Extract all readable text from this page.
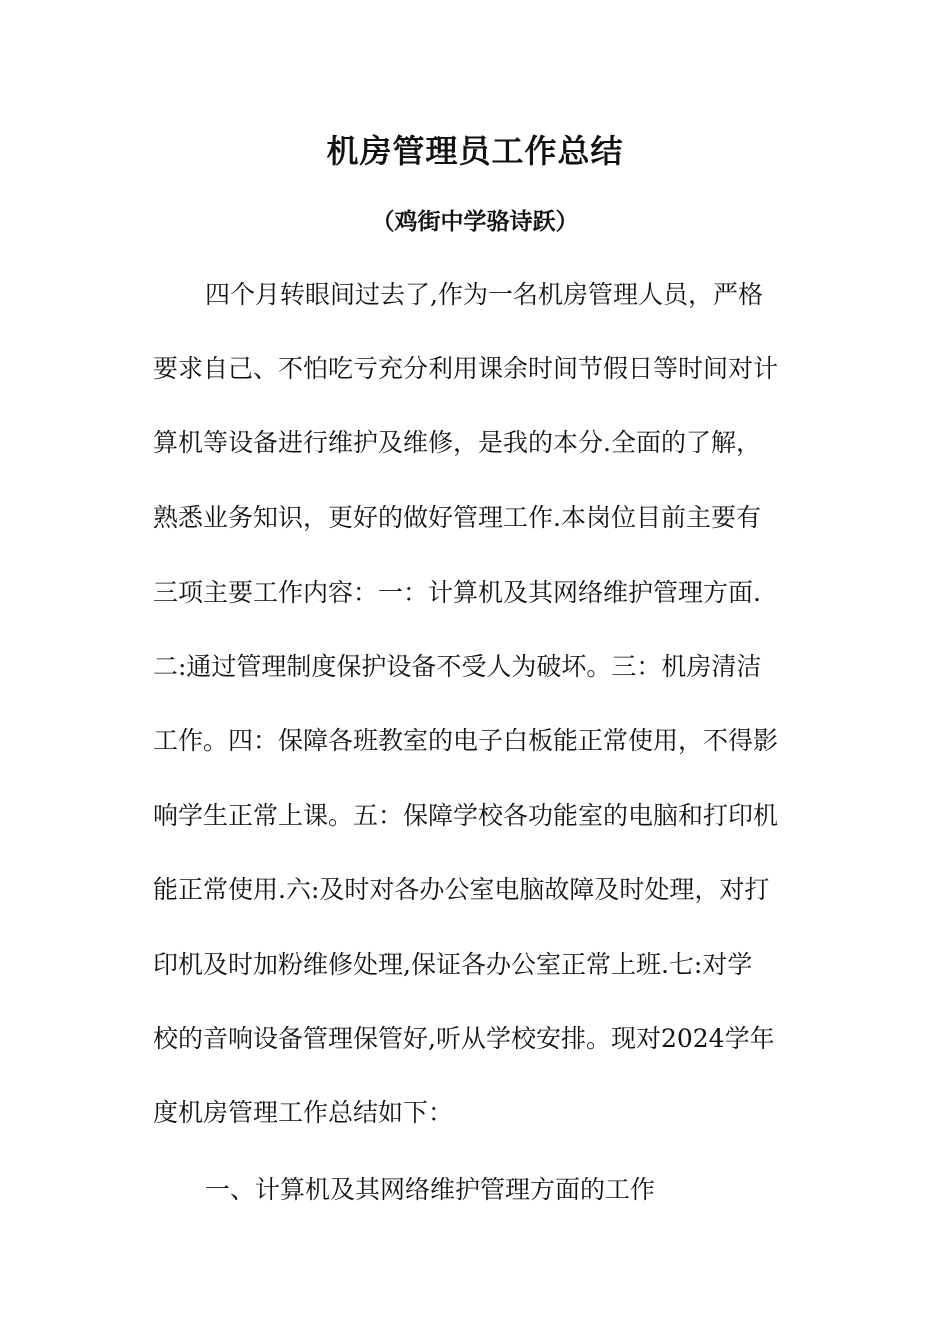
机房管理员工作总结
（鸡街中学骆诗跃）
四个月转眼间过去了,作为一名机房管理人员，严格
要求自己、不怕吃亏充分利用课余时间节假日等时间对计
算机等设备进行维护及维修，是我的本分.全面的了解，
熟悉业务知识，更好的做好管理工作.本岗位目前主要有
三项主要工作内容：一：计算机及其网络维护管理方面.
二:通过管理制度保护设备不受人为破坏。三：机房清洁
工作。四：保障各班教室的电子白板能正常使用，不得影
响学生正常上课。五：保障学校各功能室的电脑和打印机
能正常使用.六:及时对各办公室电脑故障及时处理，对打
印机及时加粉维修处理,保证各办公室正常上班.七:对学
校的音响设备管理保管好,听从学校安排。现对2024学年
度机房管理工作总结如下：
一、计算机及其网络维护管理方面的工作
